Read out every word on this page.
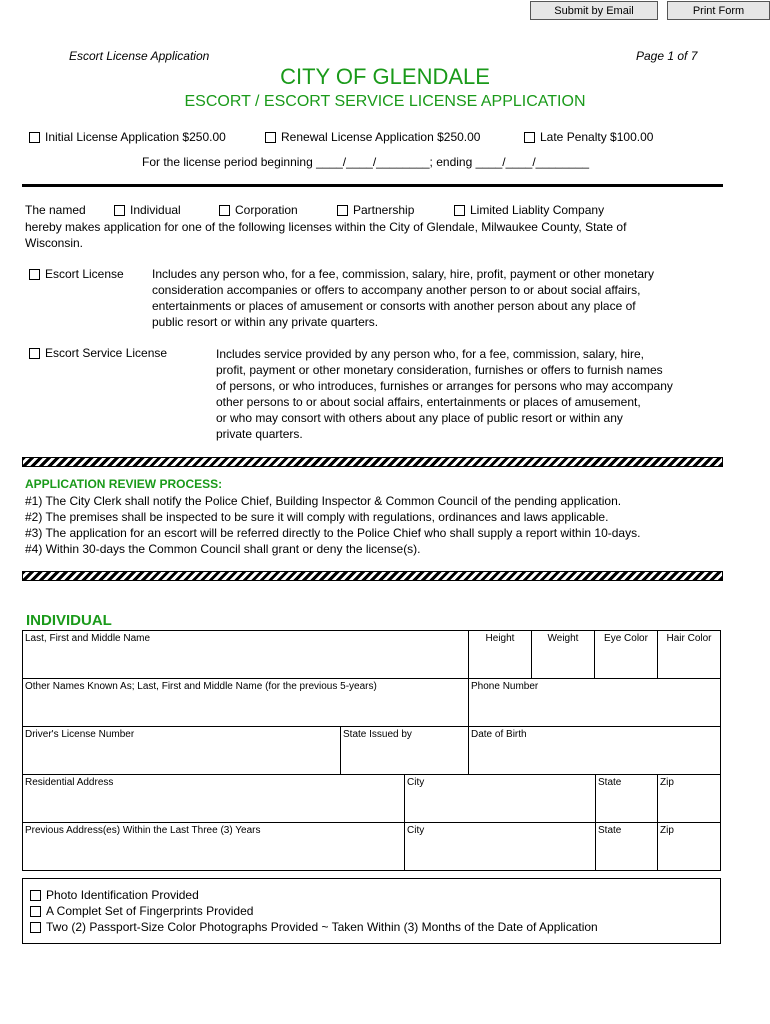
Submit by Email	Print Form
Escort License Application	Page 1 of 7
CITY OF GLENDALE
ESCORT / ESCORT SERVICE LICENSE APPLICATION
Initial License Application $250.00	Renewal License Application $250.00	Late Penalty $100.00
For the license period beginning ____/____/________; ending ____/____/________
The named	Individual	Corporation	Partnership	Limited Liablity Company
hereby makes application for one of the following licenses within the City of Glendale, Milwaukee County, State of
Wisconsin.
Escort License Includes any person who, for a fee, commission, salary, hire, profit, payment or other monetary
consideration accompanies or offers to accompany another person to or about social affairs,
entertainments or places of amusement or consorts with another person about any place of
public resort or within any private quarters.
Escort Service License	Includes service provided by any person who, for a fee, commission, salary, hire,
profit, payment or other monetary consideration, furnishes or offers to furnish names
of persons, or who introduces, furnishes or arranges for persons who may accompany
other persons to or about social affairs, entertainments or places of amusement,
or who may consort with others about any place of public resort or within any
private quarters.
APPLICATION REVIEW PROCESS:
#1) The City Clerk shall notify the Police Chief, Building Inspector & Common Council of the pending application.
#2) The premises shall be inspected to be sure it will comply with regulations, ordinances and laws applicable.
#3) The application for an escort will be referred directly to the Police Chief who shall supply a report within 10-days.
#4) Within 30-days the Common Council shall grant or deny the license(s).
INDIVIDUAL
Photo Identification Provided
A Complet Set of Fingerprints Provided
Two (2) Passport-Size Color Photographs Provided ~ Taken Within (3) Months of the Date of Application
Last, First and Middle Name	Height	Weight	Eye Color	Hair Color
Other Names Known As; Last, First and Middle Name (for the previous 5-years)	Phone Number
Driver's License Number	State Issued by	Date of Birth
Residential Address	City	State	Zip
Previous Address(es) Within the Last Three (3) Years	City	State	Zip
